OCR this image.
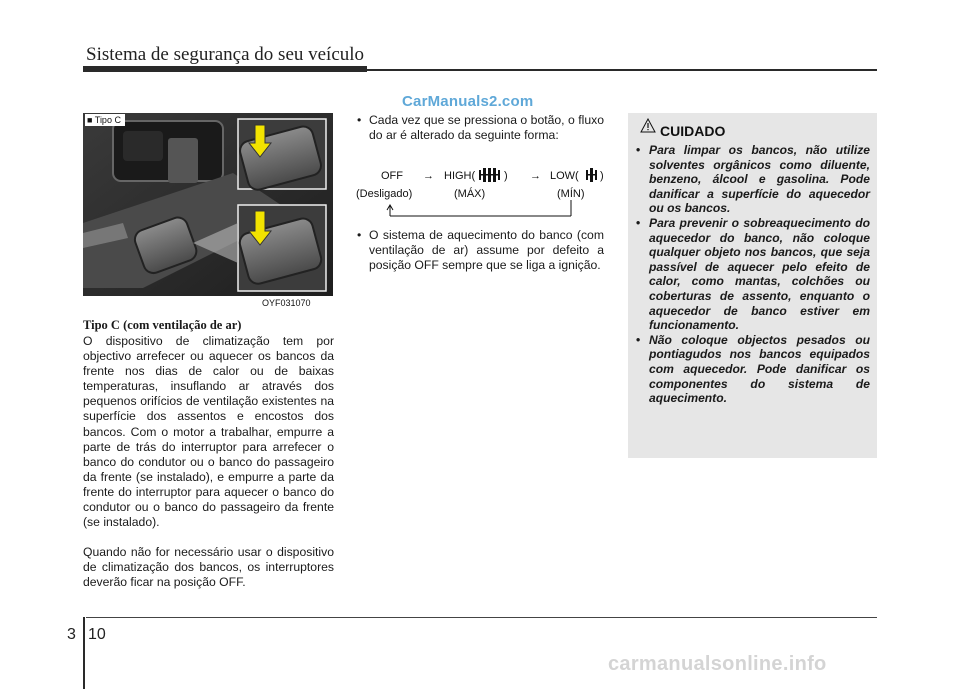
Sistema de segurança do seu veículo
CarManuals2.com
■ Tipo C
OYF031070
Tipo C (com ventilação de ar)
O dispositivo de climatização tem por objectivo arrefecer ou aquecer os bancos da frente nos dias de calor ou de baixas temperaturas, insuflando ar através dos pequenos orifícios de ventilação existentes na superfície dos assentos e encostos dos bancos. Com o motor a trabalhar, empurre a parte de trás do interruptor para arrefecer o banco do condutor ou o banco do passageiro da frente (se instalado), e empurre a parte da frente do interruptor para aquecer o banco do condutor ou o banco do passageiro da frente (se instalado).
Quando não for necessário usar o dispositivo de climatização dos bancos, os interruptores deverão ficar na posição OFF.
• Cada vez que se pressiona o botão, o fluxo do ar é alterado da seguinte forma:
OFF → HIGH(	) → LOW( )
(Desligado)	(MÁX)	(MÍN)
• O sistema de aquecimento do banco (com ventilação de ar) assume por defeito a posição OFF sempre que se liga a ignição.
CUIDADO
• Para limpar os bancos, não utilize solventes orgânicos como diluente, benzeno, álcool e gasolina. Pode danificar a superfície do aquecedor ou os bancos.
• Para prevenir o sobreaquecimento do aquecedor do banco, não coloque qualquer objeto nos bancos, que seja passível de aquecer pelo efeito de calor, como mantas, colchões ou coberturas de assento, enquanto o aquecedor de banco estiver em funcionamento.
• Não coloque objectos pesados ou pontiagudos nos bancos equipados com aquecedor. Pode danificar os componentes do sistema de aquecimento.
3 10
carmanualsonline.info
